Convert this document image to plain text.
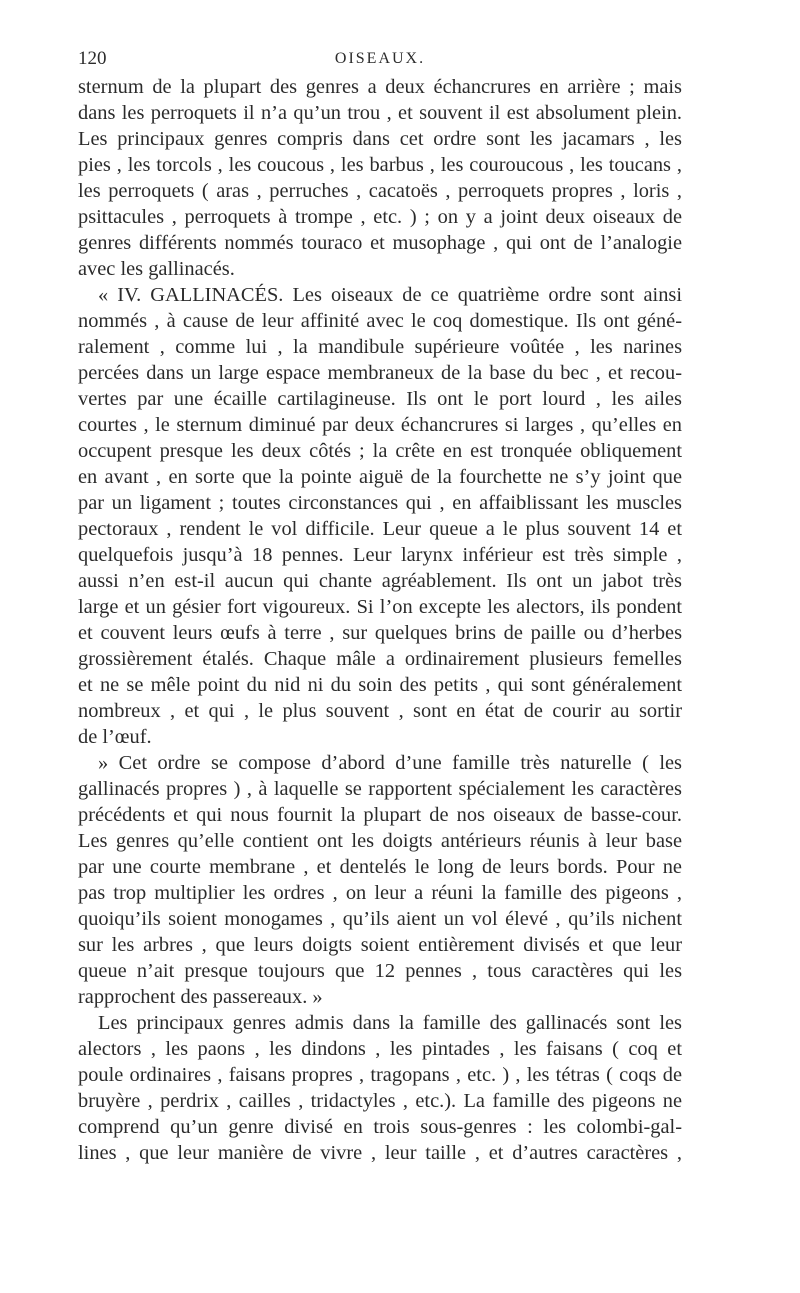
120	OISEAUX.
sternum de la plupart des genres a deux échancrures en arrière ; mais
dans les perroquets il n’a qu’un trou , et souvent il est absolument plein.
Les principaux genres compris dans cet ordre sont les jacamars , les
pies , les torcols , les coucous , les barbus , les couroucous , les toucans ,
les perroquets ( aras , perruches , cacatoës , perroquets propres , loris ,
psittacules , perroquets à trompe , etc. ) ; on y a joint deux oiseaux de
genres différents nommés touraco et musophage , qui ont de l’analogie
avec les gallinacés.
« IV. GALLINACÉS. Les oiseaux de ce quatrième ordre sont ainsi
nommés , à cause de leur affinité avec le coq domestique. Ils ont géné-
ralement , comme lui , la mandibule supérieure voûtée , les narines
percées dans un large espace membraneux de la base du bec , et recou-
vertes par une écaille cartilagineuse. Ils ont le port lourd , les ailes
courtes , le sternum diminué par deux échancrures si larges , qu’elles en
occupent presque les deux côtés ; la crête en est tronquée obliquement
en avant , en sorte que la pointe aiguë de la fourchette ne s’y joint que
par un ligament ; toutes circonstances qui , en affaiblissant les muscles
pectoraux , rendent le vol difficile. Leur queue a le plus souvent 14 et
quelquefois jusqu’à 18 pennes. Leur larynx inférieur est très simple ,
aussi n’en est-il aucun qui chante agréablement. Ils ont un jabot très
large et un gésier fort vigoureux. Si l’on excepte les alectors, ils pondent
et couvent leurs œufs à terre , sur quelques brins de paille ou d’herbes
grossièrement étalés. Chaque mâle a ordinairement plusieurs femelles
et ne se mêle point du nid ni du soin des petits , qui sont généralement
nombreux , et qui , le plus souvent , sont en état de courir au sortir
de l’œuf.
» Cet ordre se compose d’abord d’une famille très naturelle ( les
gallinacés propres ) , à laquelle se rapportent spécialement les caractères
précédents et qui nous fournit la plupart de nos oiseaux de basse-cour.
Les genres qu’elle contient ont les doigts antérieurs réunis à leur base
par une courte membrane , et dentelés le long de leurs bords. Pour ne
pas trop multiplier les ordres , on leur a réuni la famille des pigeons ,
quoiqu’ils soient monogames , qu’ils aient un vol élevé , qu’ils nichent
sur les arbres , que leurs doigts soient entièrement divisés et que leur
queue n’ait presque toujours que 12 pennes , tous caractères qui les
rapprochent des passereaux. »
Les principaux genres admis dans la famille des gallinacés sont les
alectors , les paons , les dindons , les pintades , les faisans ( coq et
poule ordinaires , faisans propres , tragopans , etc. ) , les tétras ( coqs de
bruyère , perdrix , cailles , tridactyles , etc.). La famille des pigeons ne
comprend qu’un genre divisé en trois sous-genres : les colombi-gal-
lines , que leur manière de vivre , leur taille , et d’autres caractères ,
